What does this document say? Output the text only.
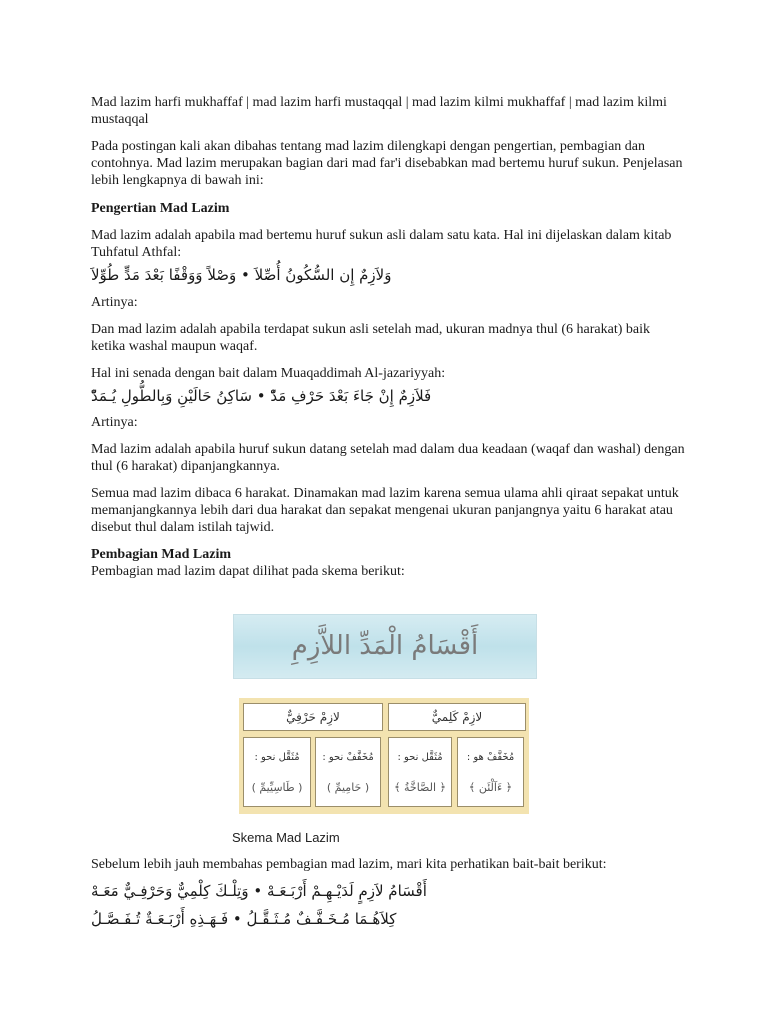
Mad lazim harfi mukhaffaf | mad lazim harfi mustaqqal | mad lazim kilmi mukhaffaf | mad lazim kilmi mustaqqal

Pada postingan kali akan dibahas tentang mad lazim dilengkapi dengan pengertian, pembagian dan contohnya. Mad lazim merupakan bagian dari mad far'i disebabkan mad bertemu huruf sukun. Penjelasan lebih lengkapnya di bawah ini:

Pengertian Mad Lazim

Mad lazim adalah apabila mad bertemu huruf sukun asli dalam satu kata. Hal ini dijelaskan dalam kitab Tuhfatul Athfal:

وَلاَزِمٌ إِن السُّكُونُ أُصِّلاَ • وَصْلاً وَوَقْفًا بَعْدَ مَدٍّ طُوِّلاَ

Artinya:

Dan mad lazim adalah apabila terdapat sukun asli setelah mad, ukuran madnya thul (6 harakat) baik ketika washal maupun waqaf.

Hal ini senada dengan bait dalam Muaqaddimah Al-jazariyyah:

فَلاَزِمٌ إِنْ جَاءَ بَعْدَ حَرْفِ مَدّْ • سَاكِنُ حَالَيْنِ وَبِالطُّولِ يُـمَدّْ

Artinya:

Mad lazim adalah apabila huruf sukun datang setelah mad dalam dua keadaan (waqaf dan washal) dengan thul (6 harakat) dipanjangkannya.

Semua mad lazim dibaca 6 harakat. Dinamakan mad lazim karena semua ulama ahli qiraat sepakat untuk memanjangkannya lebih dari dua harakat dan sepakat mengenai ukuran panjangnya yaitu 6 harakat atau disebut thul dalam istilah tajwid.

Pembagian Mad Lazim

Pembagian mad lazim dapat dilihat pada skema berikut:

أَقْسَامُ الْمَدِّ اللاَّزِمِ
لازِمْ حَرْفِيٌّ	لازِمْ كَلِميٌّ
مُثَقَّل نحو :
( طَاسِيِّيمِّ )
مُخَفَّفْ نحو :
( حَامِيمِّ )
مُثَقَّل نحو :
﴿ الصَّاخَّةُ ﴾
مُخَفَّفْ هو :
﴿ ءَآلْئَن ﴾
Skema Mad Lazim

Sebelum lebih jauh membahas pembagian mad lazim, mari kita perhatikan bait-bait berikut:

أَقْسَامُ لاَزِمٍ لَدَيْـهِـمْ أَرْبَـعَـهْ • وَتِلْـكَ كِلْمِيٌّ وَحَرْفِـيٌّ مَعَـهْ
كِلاَهُـمَا مُـخَـفَّـفٌ مُـثَـقَّـلُ • فَـهَـذِهِ أَرْبَـعَـةٌ تُـفَـصَّـلُ
